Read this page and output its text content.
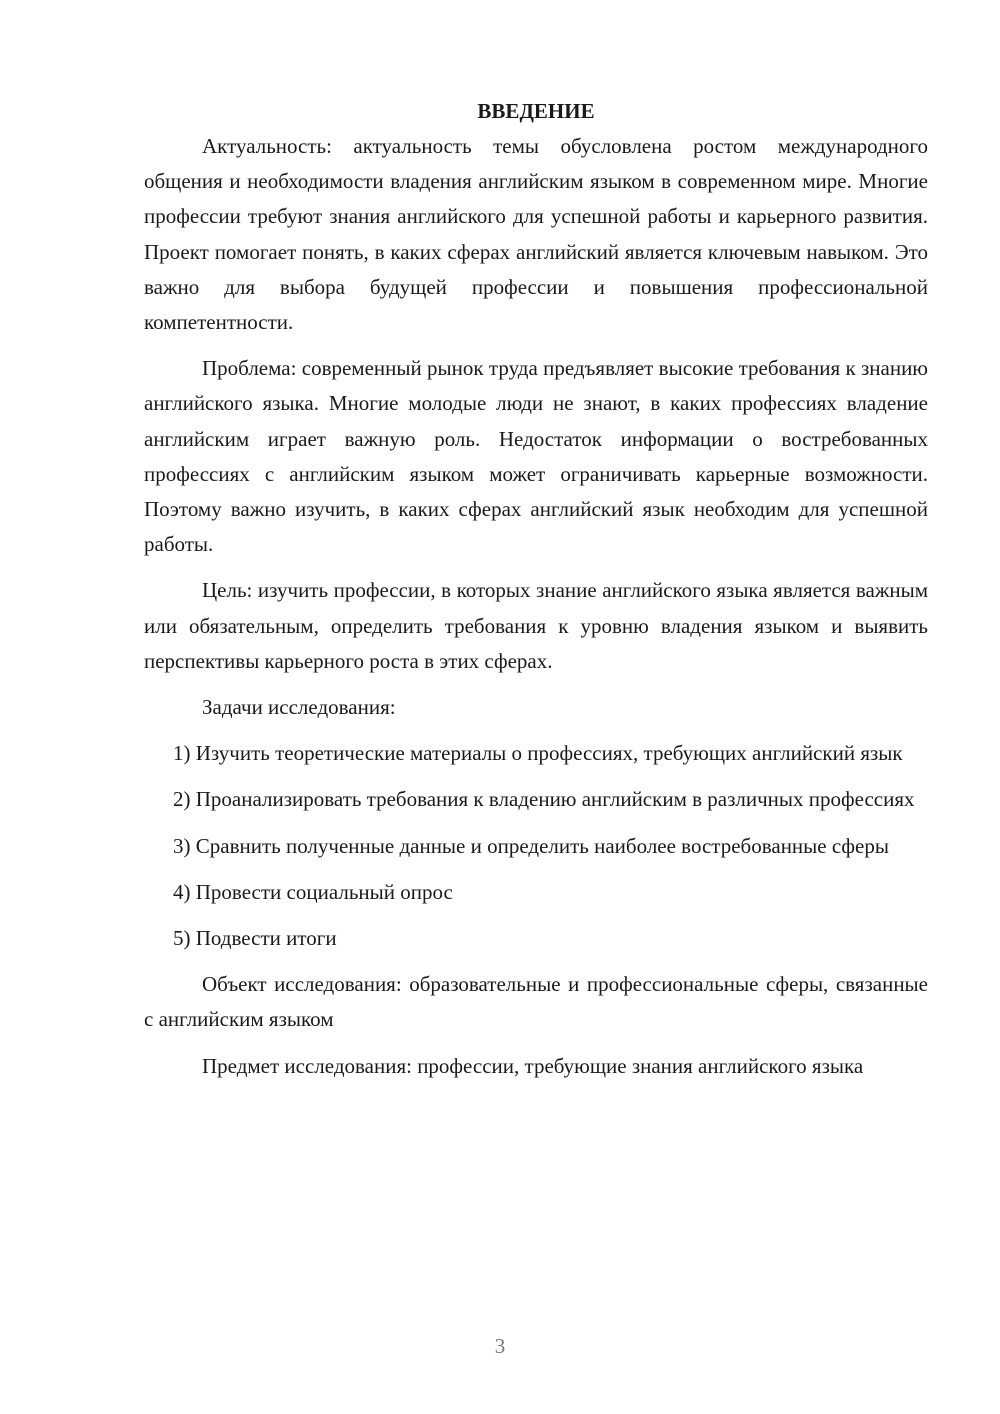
ВВЕДЕНИЕ

Актуальность: актуальность темы обусловлена ростом международного общения и необходимости владения английским языком в современном мире. Многие профессии требуют знания английского для успешной работы и карьерного развития. Проект помогает понять, в каких сферах английский является ключевым навыком. Это важно для выбора будущей профессии и повышения профессиональной компетентности.

Проблема: современный рынок труда предъявляет высокие требования к знанию английского языка. Многие молодые люди не знают, в каких профессиях владение английским играет важную роль. Недостаток информации о востребованных профессиях с английским языком может ограничивать карьерные возможности. Поэтому важно изучить, в каких сферах английский язык необходим для успешной работы.

Цель: изучить профессии, в которых знание английского языка является важным или обязательным, определить требования к уровню владения языком и выявить перспективы карьерного роста в этих сферах.

Задачи исследования:

1) Изучить теоретические материалы о профессиях, требующих английский язык

2) Проанализировать требования к владению английским в различных профессиях

3) Сравнить полученные данные и определить наиболее востребованные сферы

4) Провести социальный опрос

5) Подвести итоги

Объект исследования: образовательные и профессиональные сферы, связанные с английским языком

Предмет исследования: профессии, требующие знания английского языка

3
